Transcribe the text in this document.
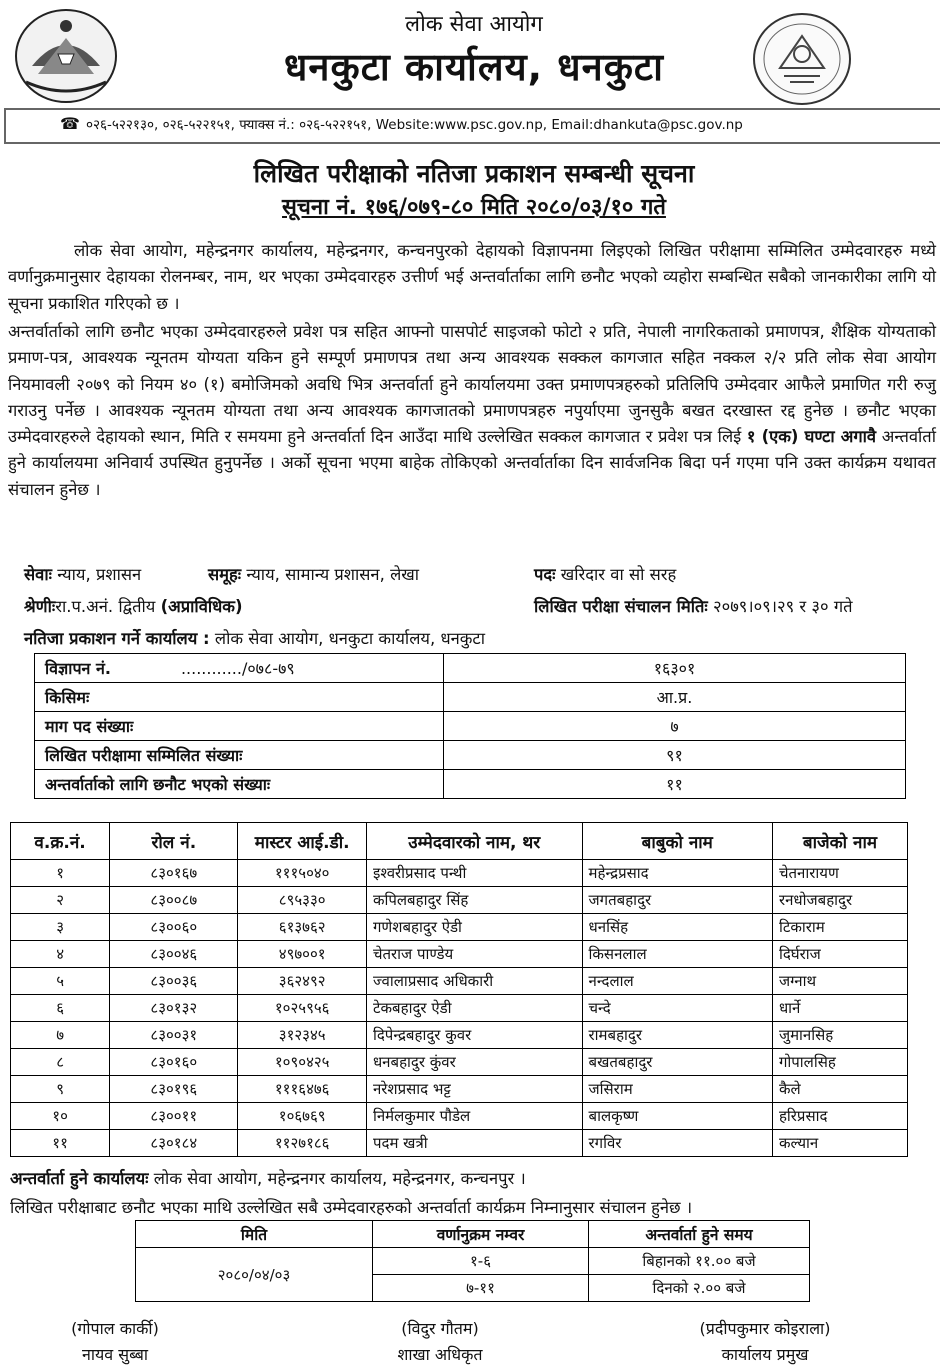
लोक सेवा आयोग
धनकुटा कार्यालय, धनकुटा
☎ ०२६-५२२१३०, ०२६-५२२१५१, फ्याक्स नं.: ०२६-५२२१५१, Website:www.psc.gov.np, Email:dhankuta@psc.gov.np
लिखित परीक्षाको नतिजा प्रकाशन सम्बन्धी सूचना
सूचना नं. १७६/०७९-८० मिति २०८०/०३/१० गते
लोक सेवा आयोग, महेन्द्रनगर कार्यालय, महेन्द्रनगर, कन्चनपुरको देहायको विज्ञापनमा लिइएको लिखित परीक्षामा सम्मिलित उम्मेदवारहरु मध्ये वर्णानुक्रमानुसार देहायका रोलनम्बर, नाम, थर भएका उम्मेदवारहरु उत्तीर्ण भई अन्तर्वार्ताका लागि छनौट भएको व्यहोरा सम्बन्धित सबैको जानकारीका लागि यो सूचना प्रकाशित गरिएको छ ।
अन्तर्वार्ताको लागि छनौट भएका उम्मेदवारहरुले प्रवेश पत्र सहित आफ्नो पासपोर्ट साइजको फोटो २ प्रति, नेपाली नागरिकताको प्रमाणपत्र, शैक्षिक योग्यताको प्रमाण-पत्र, आवश्यक न्यूनतम योग्यता यकिन हुने सम्पूर्ण प्रमाणपत्र तथा अन्य आवश्यक सक्कल कागजात सहित नक्कल २/२ प्रति लोक सेवा आयोग नियमावली २०७९ को नियम ४० (१) बमोजिमको अवधि भित्र अन्तर्वार्ता हुने कार्यालयमा उक्त प्रमाणपत्रहरुको प्रतिलिपि उम्मेदवार आफैले प्रमाणित गरी रुजु गराउनु पर्नेछ । आवश्यक न्यूनतम योग्यता तथा अन्य आवश्यक कागजातको प्रमाणपत्रहरु नपुर्याएमा जुनसुकै बखत दरखास्त रद्द हुनेछ । छनौट भएका उम्मेदवारहरुले देहायको स्थान, मिति र समयमा हुने अन्तर्वार्ता दिन आउँदा माथि उल्लेखित सक्कल कागजात र प्रवेश पत्र लिई १ (एक) घण्टा अगावै अन्तर्वार्ता हुने कार्यालयमा अनिवार्य उपस्थित हुनुपर्नेछ । अर्को सूचना भएमा बाहेक तोकिएको अन्तर्वार्ताका दिन सार्वजनिक बिदा पर्न गएमा पनि उक्त कार्यक्रम यथावत संचालन हुनेछ ।
सेवाः न्याय, प्रशासन	समूहः न्याय, सामान्य प्रशासन, लेखा	पदः खरिदार वा सो सरह
श्रेणीःरा.प.अनं. द्वितीय (अप्राविधिक)	लिखित परीक्षा संचालन मितिः २०७९।०९।२९ र ३० गते
नतिजा प्रकाशन गर्ने कार्यालय : लोक सेवा आयोग, धनकुटा कार्यालय, धनकुटा
विज्ञापन नं. ............/०७८-७९	१६३०१
किसिमः	आ.प्र.
माग पद संख्याः	७
लिखित परीक्षामा सम्मिलित संख्याः	९१
अन्तर्वार्ताको लागि छनौट भएको संख्याः	११
व.क्र.नं.	रोल नं.	मास्टर आई.डी.	उम्मेदवारको नाम, थर	बाबुको नाम	बाजेको नाम
१	८३०१६७	१११५०४०	इश्वरीप्रसाद पन्थी	महेन्द्रप्रसाद	चेतनारायण
२	८३००८७	८९५३३०	कपिलबहादुर सिंह	जगतबहादुर	रनधोजबहादुर
३	८३००६०	६१३७६२	गणेशबहादुर ऐडी	धनसिंह	टिकाराम
४	८३००४६	४९७००१	चेतराज पाण्डेय	किसनलाल	दिर्घराज
५	८३००३६	३६२४९२	ज्वालाप्रसाद अधिकारी	नन्दलाल	जग्नाथ
६	८३०१३२	१०२५९५६	टेकबहादुर ऐडी	चन्दे	धार्ने
७	८३००३१	३१२३४५	दिपेन्द्रबहादुर कुवर	रामबहादुर	जुमानसिह
८	८३०१६०	१०९०४२५	धनबहादुर कुंवर	बखतबहादुर	गोपालसिह
९	८३०१९६	१११६४७६	नरेशप्रसाद भट्ट	जसिराम	कैले
१०	८३००११	१०६७६९	निर्मलकुमार पौडेल	बालकृष्ण	हरिप्रसाद
११	८३०१८४	११२७१८६	पदम खत्री	रगविर	कल्यान
अन्तर्वार्ता हुने कार्यालयः लोक सेवा आयोग, महेन्द्रनगर कार्यालय, महेन्द्रनगर, कन्चनपुर ।
लिखित परीक्षाबाट छनौट भएका माथि उल्लेखित सबै उम्मेदवारहरुको अन्तर्वार्ता कार्यक्रम निम्नानुसार संचालन हुनेछ ।
मिति	वर्णानुक्रम नम्वर	अन्तर्वार्ता हुने समय
२०८०/०४/०३	१-६	बिहानको ११.०० बजे
	७-११	दिनको २.०० बजे
(गोपाल कार्की)
नायव सुब्बा
(विदुर गौतम)
शाखा अधिकृत
(प्रदीपकुमार कोइराला)
कार्यालय प्रमुख
